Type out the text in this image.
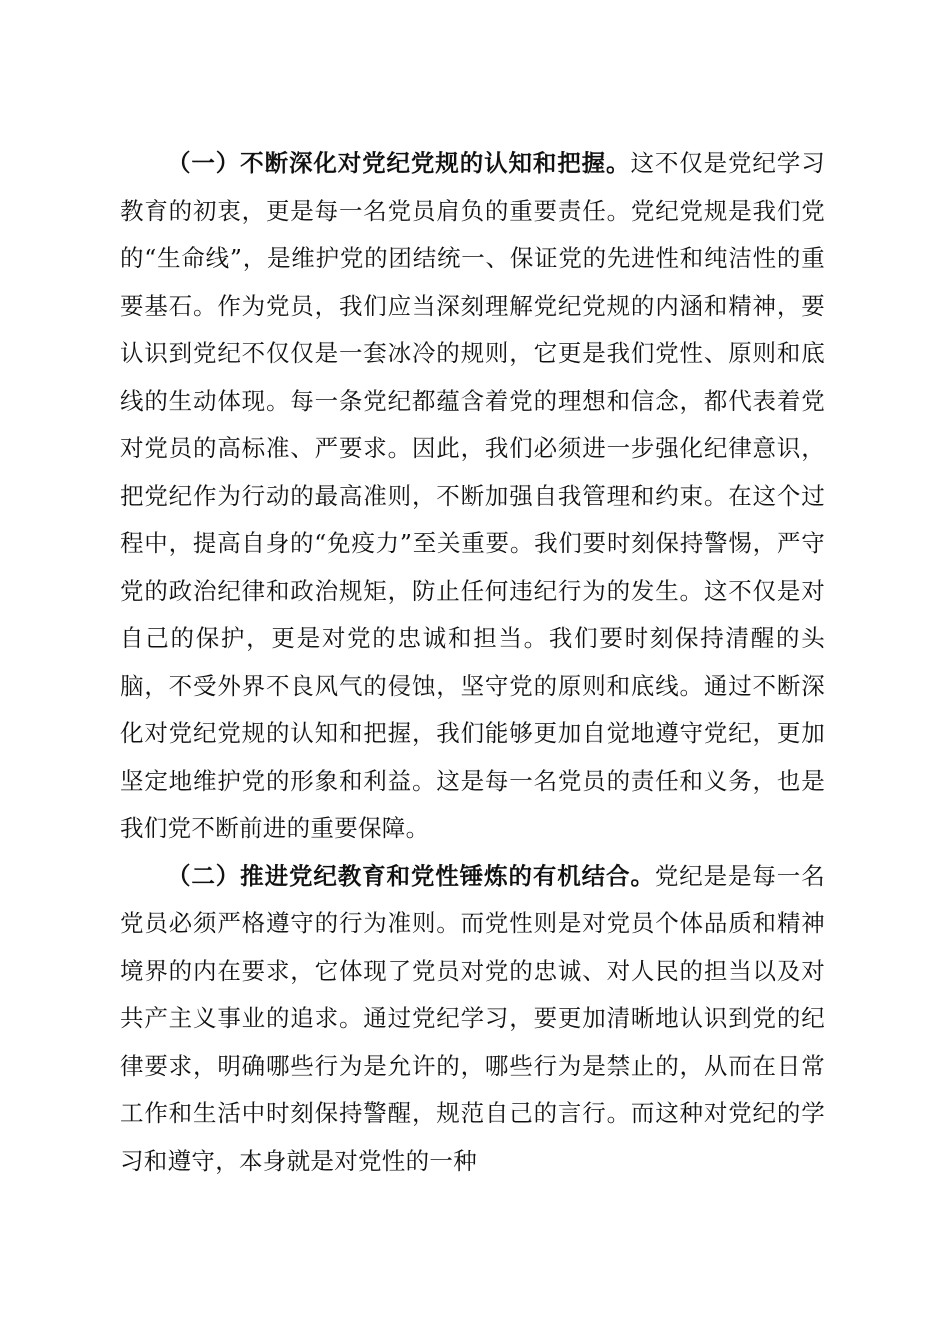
（一）不断深化对党纪党规的认知和把握。这不仅是党纪学习教育的初衷，更是每一名党员肩负的重要责任。党纪党规是我们党的“生命线”，是维护党的团结统一、保证党的先进性和纯洁性的重要基石。作为党员，我们应当深刻理解党纪党规的内涵和精神，要认识到党纪不仅仅是一套冰冷的规则，它更是我们党性、原则和底线的生动体现。每一条党纪都蕴含着党的理想和信念，都代表着党对党员的高标准、严要求。因此，我们必须进一步强化纪律意识，把党纪作为行动的最高准则，不断加强自我管理和约束。在这个过程中，提高自身的“免疫力”至关重要。我们要时刻保持警惕，严守党的政治纪律和政治规矩，防止任何违纪行为的发生。这不仅是对自己的保护，更是对党的忠诚和担当。我们要时刻保持清醒的头脑，不受外界不良风气的侵蚀，坚守党的原则和底线。通过不断深化对党纪党规的认知和把握，我们能够更加自觉地遵守党纪，更加坚定地维护党的形象和利益。这是每一名党员的责任和义务，也是我们党不断前进的重要保障。

（二）推进党纪教育和党性锤炼的有机结合。党纪是是每一名党员必须严格遵守的行为准则。而党性则是对党员个体品质和精神境界的内在要求，它体现了党员对党的忠诚、对人民的担当以及对共产主义事业的追求。通过党纪学习，要更加清晰地认识到党的纪律要求，明确哪些行为是允许的，哪些行为是禁止的，从而在日常工作和生活中时刻保持警醒，规范自己的言行。而这种对党纪的学习和遵守，本身就是对党性的一种
